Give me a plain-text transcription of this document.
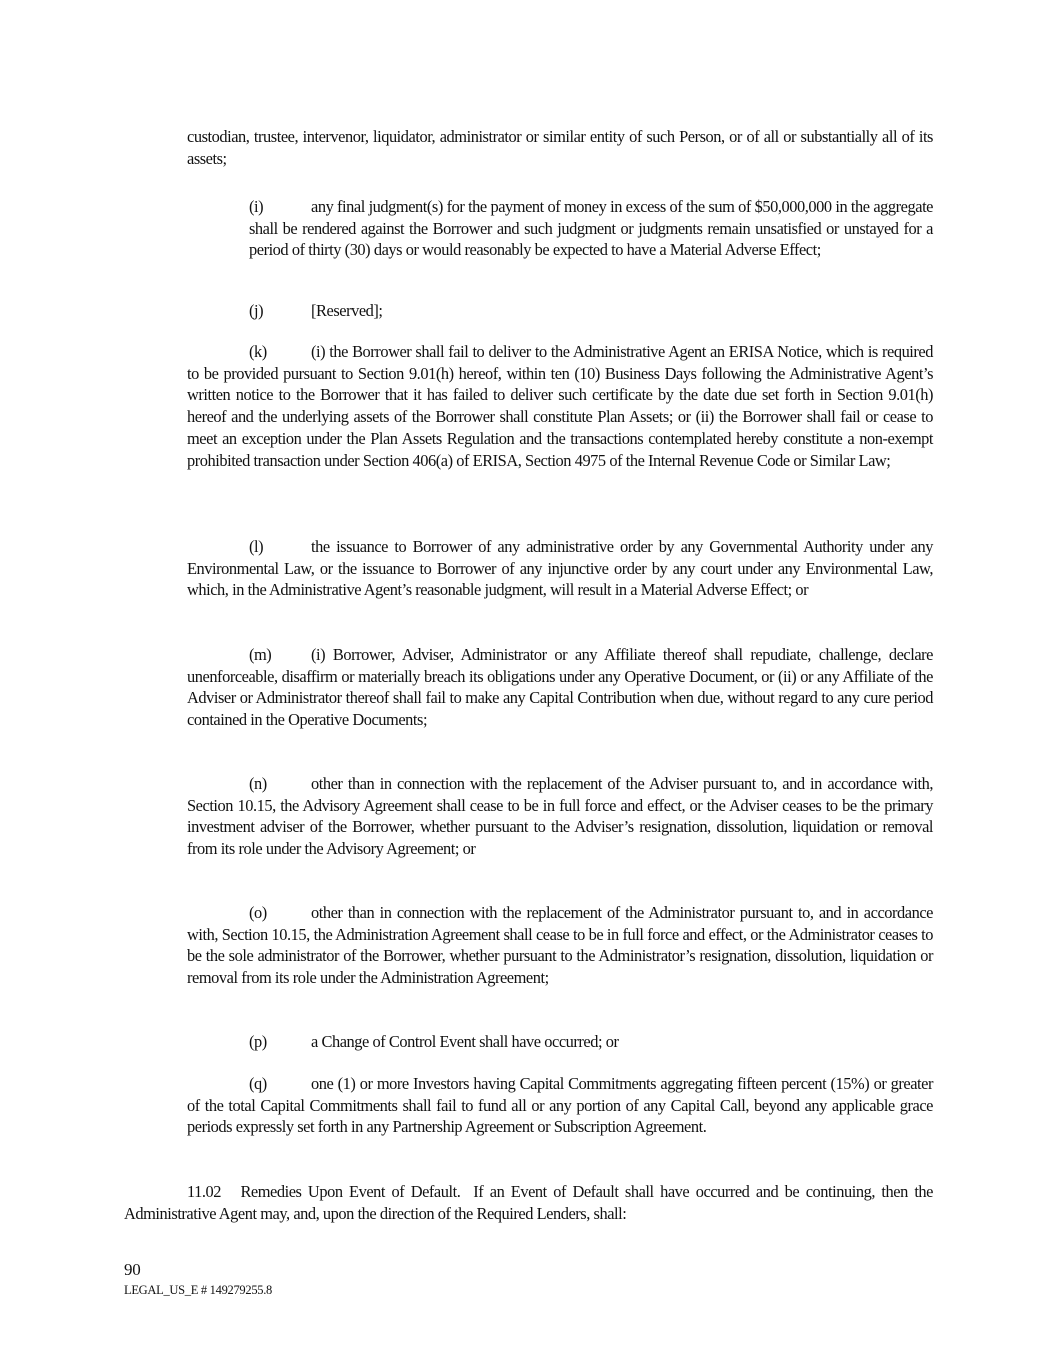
custodian, trustee, intervenor, liquidator, administrator or similar entity of such Person, or of all or substantially all of its assets;

(i)	any final judgment(s) for the payment of money in excess of the sum of $50,000,000 in the aggregate shall be rendered against the Borrower and such judgment or judgments remain unsatisfied or unstayed for a period of thirty (30) days or would reasonably be expected to have a Material Adverse Effect;

(j)	[Reserved];

(k)	(i) the Borrower shall fail to deliver to the Administrative Agent an ERISA Notice, which is required to be provided pursuant to Section 9.01(h) hereof, within ten (10) Business Days following the Administrative Agent’s written notice to the Borrower that it has failed to deliver such certificate by the date due set forth in Section 9.01(h) hereof and the underlying assets of the Borrower shall constitute Plan Assets; or (ii) the Borrower shall fail or cease to meet an exception under the Plan Assets Regulation and the transactions contemplated hereby constitute a non-exempt prohibited transaction under Section 406(a) of ERISA, Section 4975 of the Internal Revenue Code or Similar Law;

(l)	the issuance to Borrower of any administrative order by any Governmental Authority under any Environmental Law, or the issuance to Borrower of any injunctive order by any court under any Environmental Law, which, in the Administrative Agent’s reasonable judgment, will result in a Material Adverse Effect; or

(m) (i) Borrower, Adviser, Administrator or any Affiliate thereof shall repudiate, challenge, declare unenforceable, disaffirm or materially breach its obligations under any Operative Document, or (ii) or any Affiliate of the Adviser or Administrator thereof shall fail to make any Capital Contribution when due, without regard to any cure period contained in the Operative Documents;

(n)	other than in connection with the replacement of the Adviser pursuant to, and in accordance with, Section 10.15, the Advisory Agreement shall cease to be in full force and effect, or the Adviser ceases to be the primary investment adviser of the Borrower, whether pursuant to the Adviser’s resignation, dissolution, liquidation or removal from its role under the Advisory Agreement; or

(o)	other than in connection with the replacement of the Administrator pursuant to, and in accordance with, Section 10.15, the Administration Agreement shall cease to be in full force and effect, or the Administrator ceases to be the sole administrator of the Borrower, whether pursuant to the Administrator’s resignation, dissolution, liquidation or removal from its role under the Administration Agreement;

(p)	a Change of Control Event shall have occurred; or

(q)	one (1) or more Investors having Capital Commitments aggregating fifteen percent (15%) or greater of the total Capital Commitments shall fail to fund all or any portion of any Capital Call, beyond any applicable grace periods expressly set forth in any Partnership Agreement or Subscription Agreement.

11.02 Remedies Upon Event of Default. If an Event of Default shall have occurred and be continuing, then the Administrative Agent may, and, upon the direction of the Required Lenders, shall:

90
LEGAL_US_E # 149279255.8
